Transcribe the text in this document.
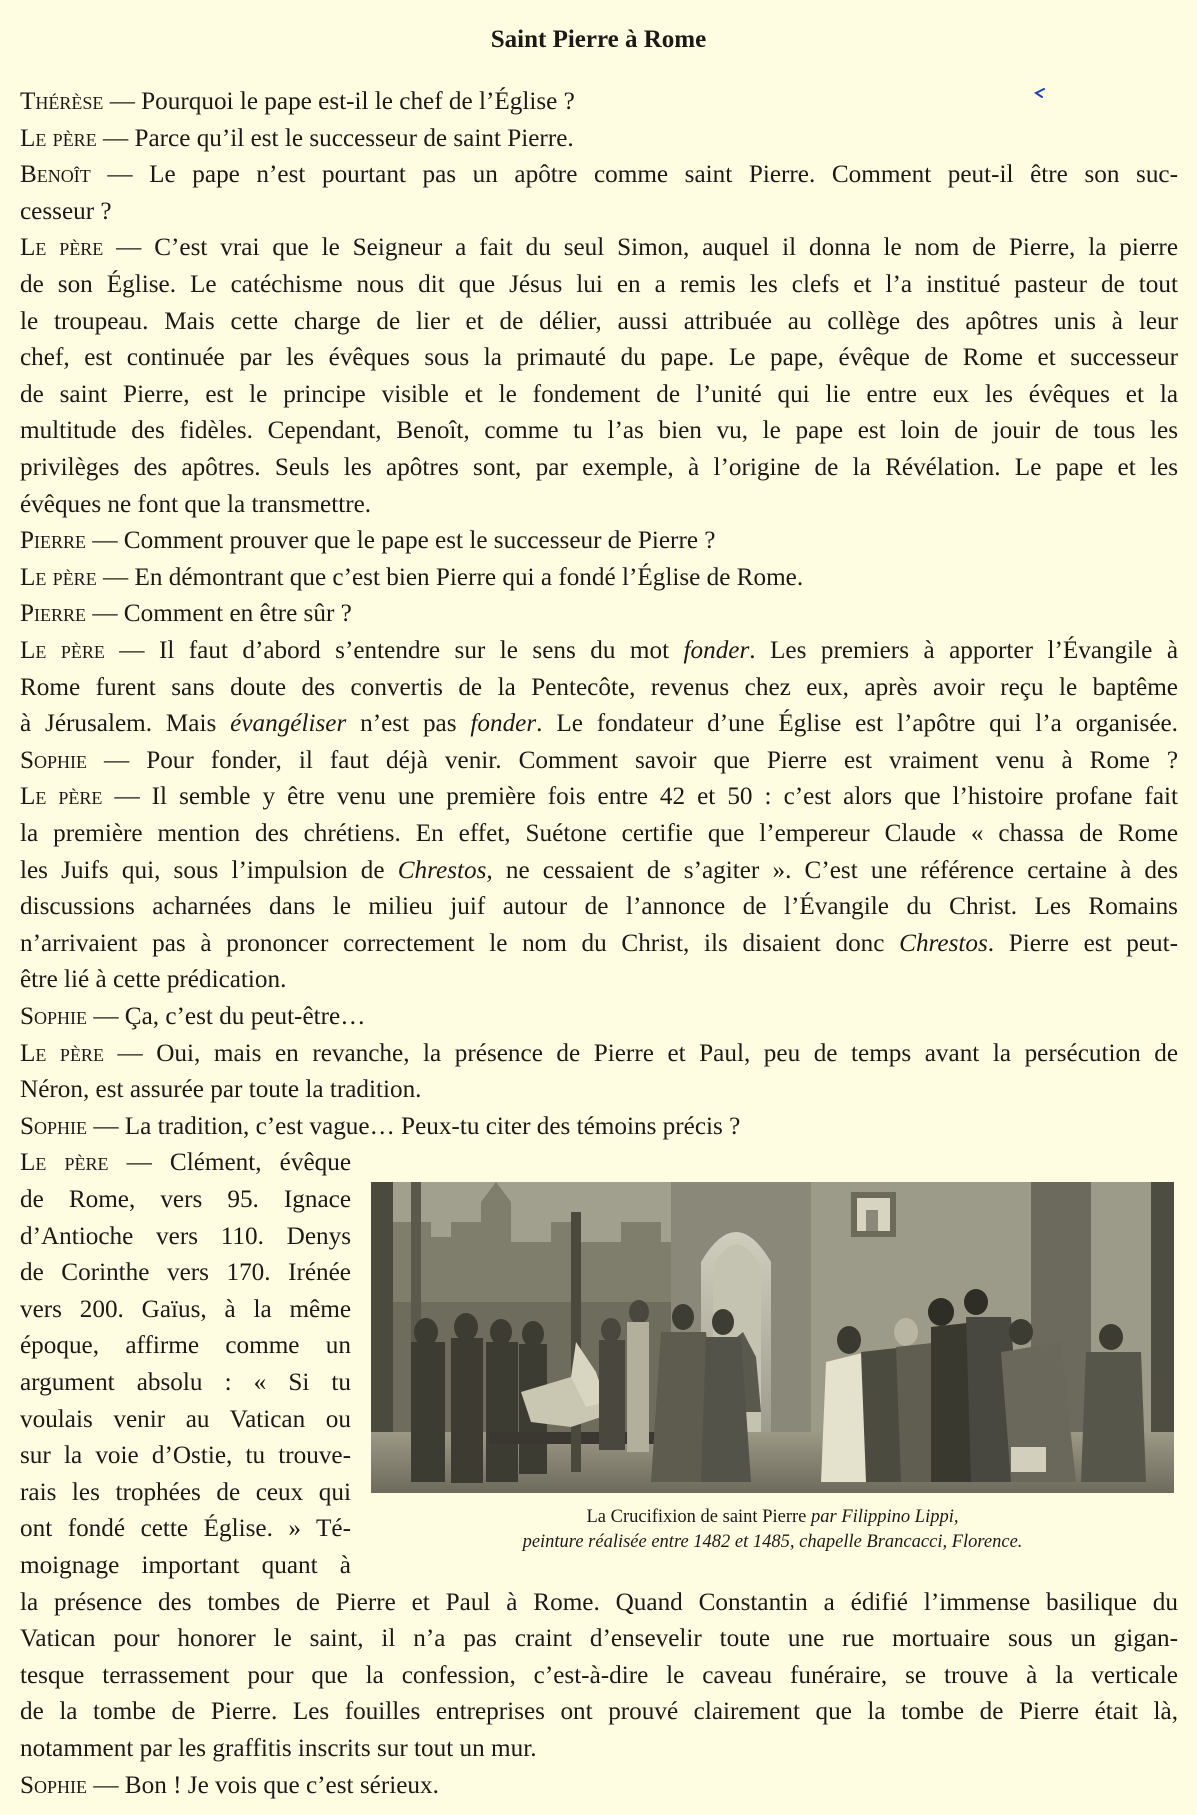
Saint Pierre à Rome
Thérèse — Pourquoi le pape est-il le chef de l’Église ?
Le père — Parce qu’il est le successeur de saint Pierre.
Benoît — Le pape n’est pourtant pas un apôtre comme saint Pierre. Comment peut-il être son suc-
cesseur ?
Le père — C’est vrai que le Seigneur a fait du seul Simon, auquel il donna le nom de Pierre, la pierre
de son Église. Le catéchisme nous dit que Jésus lui en a remis les clefs et l’a institué pasteur de tout
le troupeau. Mais cette charge de lier et de délier, aussi attribuée au collège des apôtres unis à leur
chef, est continuée par les évêques sous la primauté du pape. Le pape, évêque de Rome et successeur
de saint Pierre, est le principe visible et le fondement de l’unité qui lie entre eux les évêques et la
multitude des fidèles. Cependant, Benoît, comme tu l’as bien vu, le pape est loin de jouir de tous les
privilèges des apôtres. Seuls les apôtres sont, par exemple, à l’origine de la Révélation. Le pape et les
évêques ne font que la transmettre.
Pierre — Comment prouver que le pape est le successeur de Pierre ?
Le père — En démontrant que c’est bien Pierre qui a fondé l’Église de Rome.
Pierre — Comment en être sûr ?
Le père — Il faut d’abord s’entendre sur le sens du mot fonder. Les premiers à apporter l’Évangile à
Rome furent sans doute des convertis de la Pentecôte, revenus chez eux, après avoir reçu le baptême
à Jérusalem. Mais évangéliser n’est pas fonder. Le fondateur d’une Église est l’apôtre qui l’a organisée.
Sophie — Pour fonder, il faut déjà venir. Comment savoir que Pierre est vraiment venu à Rome ?
Le père — Il semble y être venu une première fois entre 42 et 50 : c’est alors que l’histoire profane fait
la première mention des chrétiens. En effet, Suétone certifie que l’empereur Claude « chassa de Rome
les Juifs qui, sous l’impulsion de Chrestos, ne cessaient de s’agiter ». C’est une référence certaine à des
discussions acharnées dans le milieu juif autour de l’annonce de l’Évangile du Christ. Les Romains
n’arrivaient pas à prononcer correctement le nom du Christ, ils disaient donc Chrestos. Pierre est peut-
être lié à cette prédication.
Sophie — Ça, c’est du peut-être…
Le père — Oui, mais en revanche, la présence de Pierre et Paul, peu de temps avant la persécution de
Néron, est assurée par toute la tradition.
Sophie — La tradition, c’est vague… Peux-tu citer des témoins précis ?
Le père — Clément, évêque
de Rome, vers 95. Ignace
d’Antioche vers 110. Denys
de Corinthe vers 170. Irénée
vers 200. Gaïus, à la même
époque, affirme comme un
argument absolu : « Si tu
voulais venir au Vatican ou
sur la voie d’Ostie, tu trouve-
rais les trophées de ceux qui
ont fondé cette Église. » Té-
moignage important quant à
la présence des tombes de Pierre et Paul à Rome. Quand Constantin a édifié l’immense basilique du
Vatican pour honorer le saint, il n’a pas craint d’ensevelir toute une rue mortuaire sous un gigan-
tesque terrassement pour que la confession, c’est-à-dire le caveau funéraire, se trouve à la verticale
de la tombe de Pierre. Les fouilles entreprises ont prouvé clairement que la tombe de Pierre était là,
notamment par les graffitis inscrits sur tout un mur.
Sophie — Bon ! Je vois que c’est sérieux.
La Crucifixion de saint Pierre par Filippino Lippi,
peinture réalisée entre 1482 et 1485, chapelle Brancacci, Florence.
